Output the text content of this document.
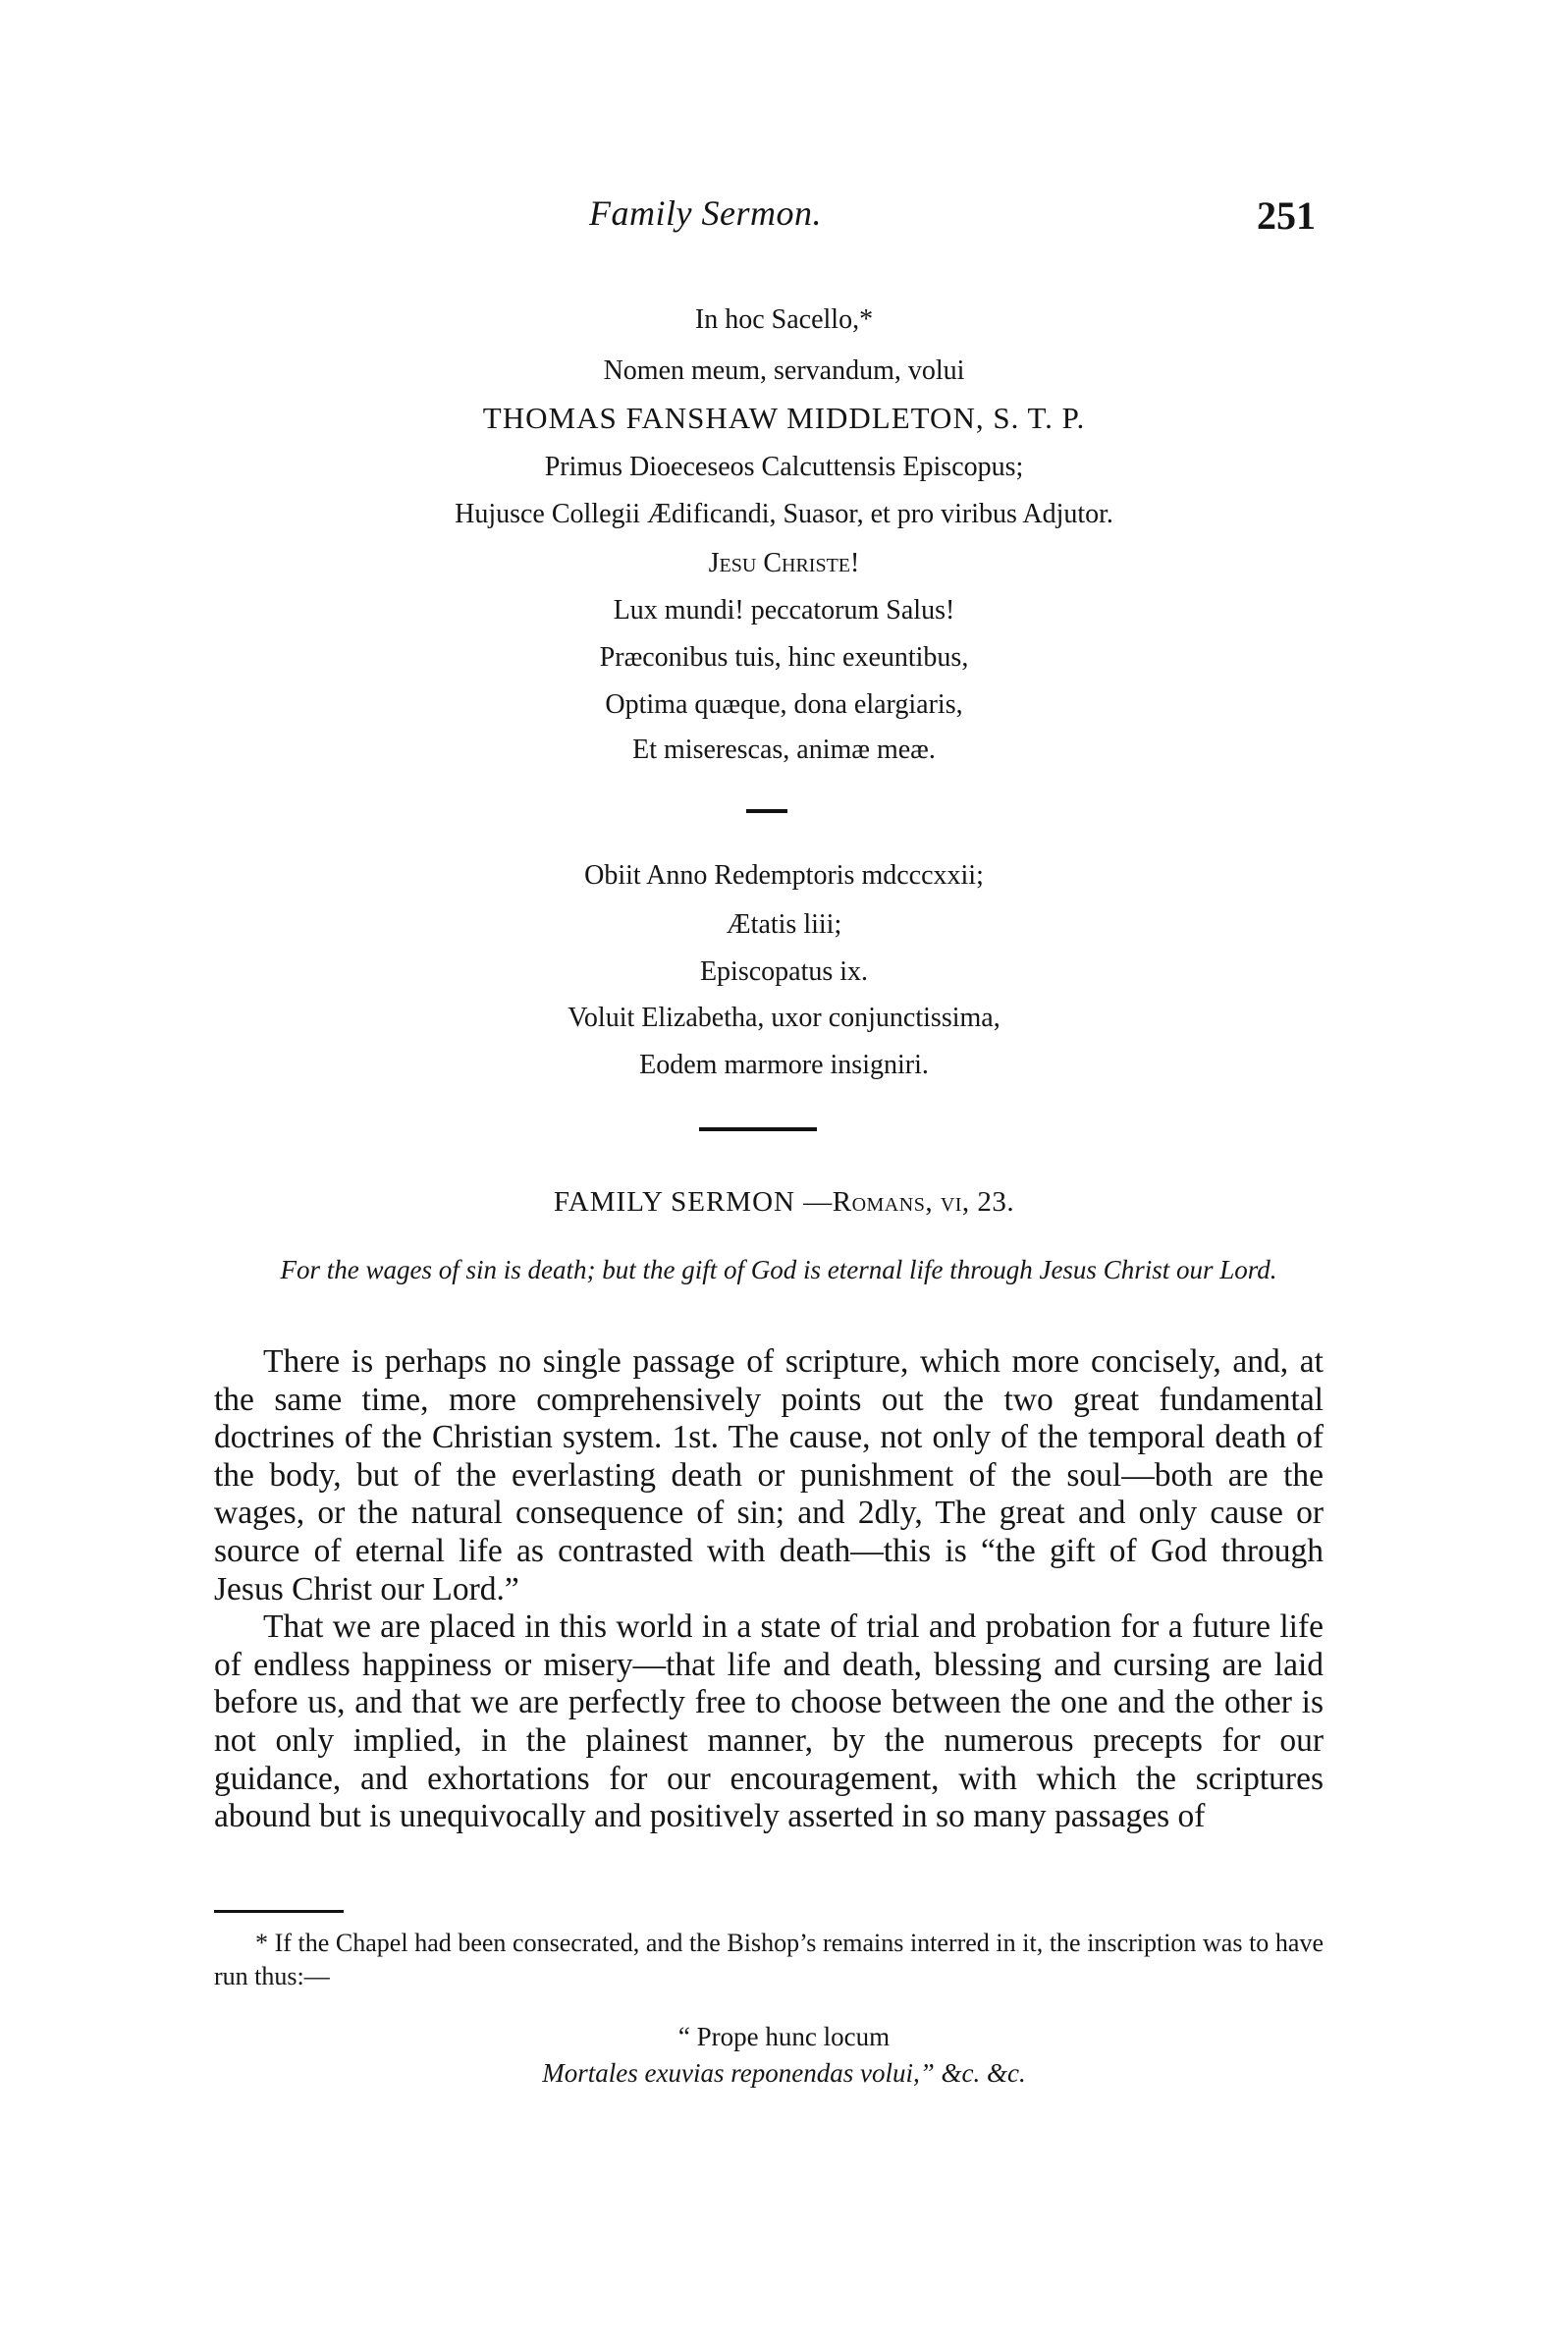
Family Sermon.	251
In hoc Sacello,*
Nomen meum, servandum, volui
THOMAS FANSHAW MIDDLETON, S. T. P.
Primus Dioeceseos Calcuttensis Episcopus;
Hujusce Collegii Ædificandi, Suasor, et pro viribus Adjutor.
Jesu Christe!
Lux mundi! peccatorum Salus!
Præconibus tuis, hinc exeuntibus,
Optima quæque, dona elargiaris,
Et miserescas, animæ meæ.
Obiit Anno Redemptoris mdcccxxii;
Ætatis liii;
Episcopatus ix.
Voluit Elizabetha, uxor conjunctissima,
Eodem marmore insigniri.
FAMILY SERMON —Romans, vi, 23.
For the wages of sin is death; but the gift of God is eternal life through Jesus Christ our Lord.

There is perhaps no single passage of scripture, which more concisely, and, at the same time, more comprehensively points out the two great fundamental doctrines of the Christian system. 1st. The cause, not only of the temporal death of the body, but of the everlasting death or punishment of the soul—both are the wages, or the natural consequence of sin; and 2dly, The great and only cause or source of eternal life as contrasted with death—this is “the gift of God through Jesus Christ our Lord.”

That we are placed in this world in a state of trial and probation for a future life of endless happiness or misery—that life and death, blessing and cursing are laid before us, and that we are perfectly free to choose between the one and the other is not only implied, in the plainest manner, by the numerous precepts for our guidance, and exhortations for our encouragement, with which the scriptures abound but is unequivocally and positively asserted in so many passages of

* If the Chapel had been consecrated, and the Bishop’s remains interred in it, the inscription was to have run thus:—

“ Prope hunc locum
Mortales exuvias reponendas volui,” &c. &c.
